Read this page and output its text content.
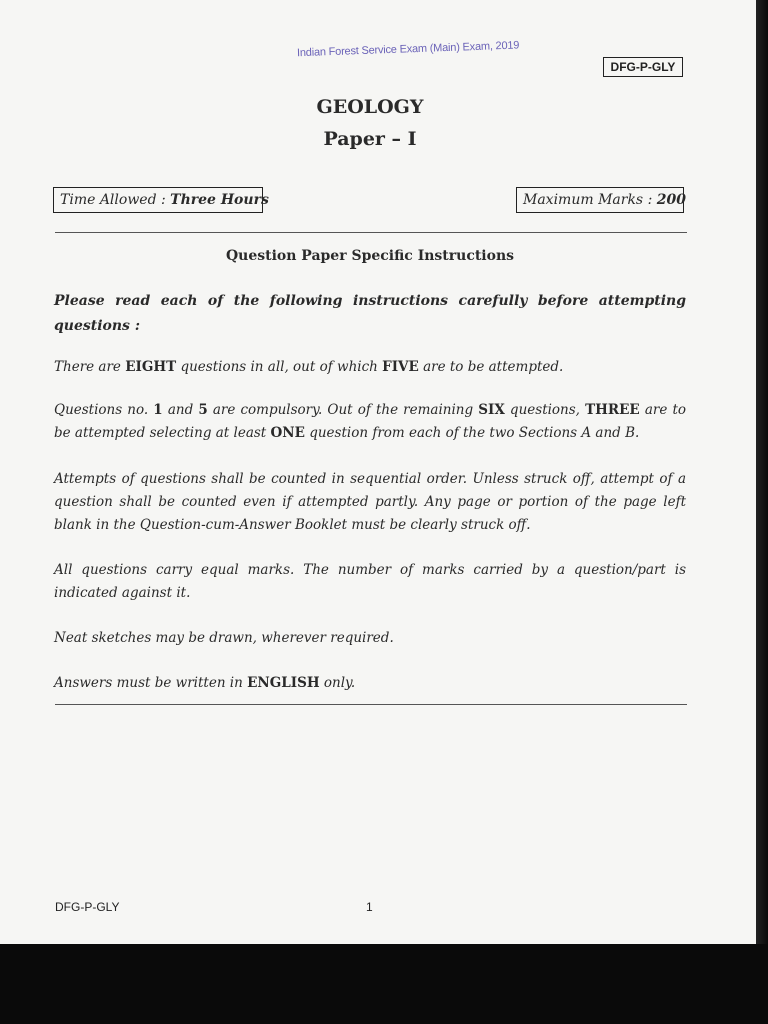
Indian Forest Service Exam (Main) Exam, 2019
DFG-P-GLY
GEOLOGY
Paper – I
Time Allowed : Three Hours	Maximum Marks : 200
Question Paper Specific Instructions
Please read each of the following instructions carefully before attempting questions :
There are EIGHT questions in all, out of which FIVE are to be attempted.
Questions no. 1 and 5 are compulsory. Out of the remaining SIX questions, THREE are to be attempted selecting at least ONE question from each of the two Sections A and B.
Attempts of questions shall be counted in sequential order. Unless struck off, attempt of a question shall be counted even if attempted partly. Any page or portion of the page left blank in the Question-cum-Answer Booklet must be clearly struck off.
All questions carry equal marks. The number of marks carried by a question/part is indicated against it.
Neat sketches may be drawn, wherever required.
Answers must be written in ENGLISH only.
DFG-P-GLY	1
